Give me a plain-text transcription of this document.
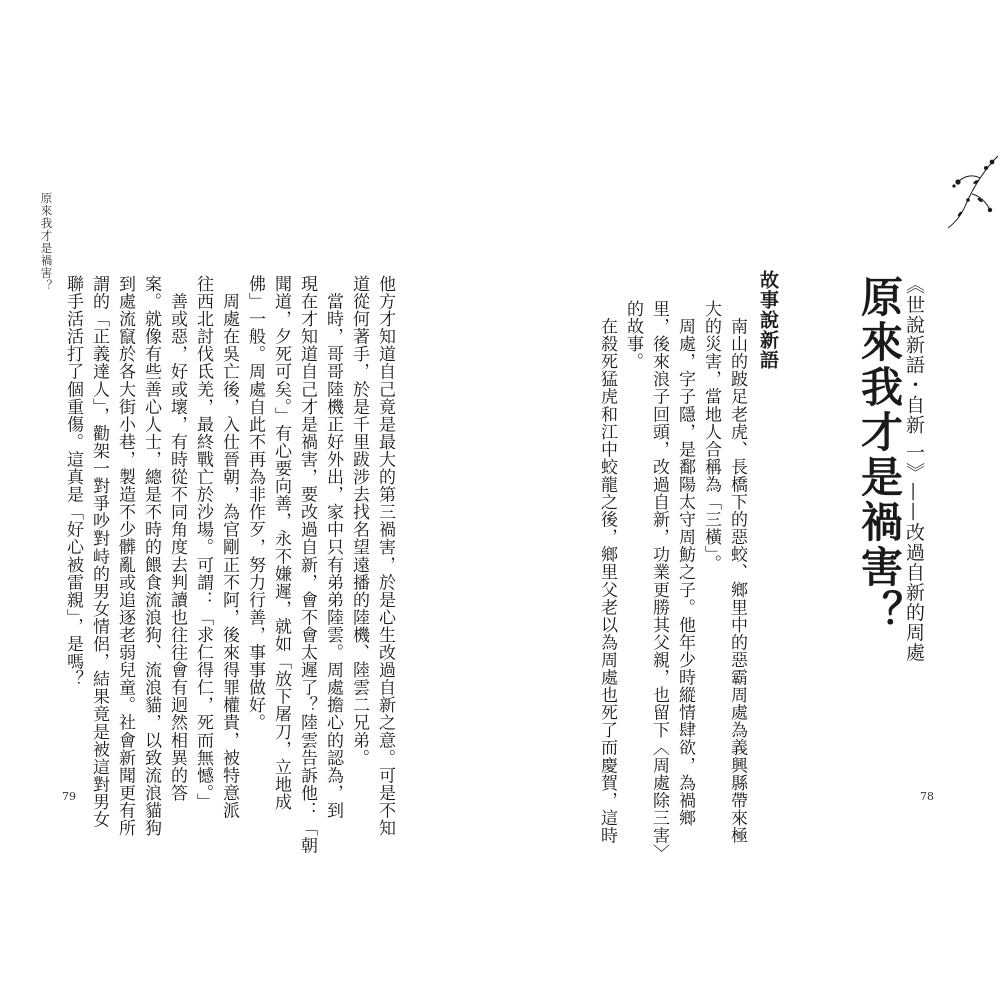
原來我才是禍害？
他方才知道自己竟是最大的第三禍害，於是心生改過自新之意。可是不知
道從何著手，於是千里跋涉去找名望遠播的陸機、陸雲二兄弟。
　當時，哥哥陸機正好外出，家中只有弟弟陸雲。周處擔心的認為，到
現在才知道自己才是禍害，要改過自新，會不會太遲了？陸雲告訴他：「朝
聞道，夕死可矣。」有心要向善，永不嫌遲，就如「放下屠刀，立地成
佛」一般。周處自此不再為非作歹，努力行善，事事做好。
　周處在吳亡後，入仕晉朝，為官剛正不阿，後來得罪權貴，被特意派
往西北討伐氐羌，最終戰亡於沙場。可謂：「求仁得仁，死而無憾。」
　善或惡，好或壞，有時從不同角度去判讀也往往會有迥然相異的答
案。就像有些善心人士，總是不時的餵食流浪狗、流浪貓，以致流浪貓狗
到處流竄於各大街小巷，製造不少髒亂或追逐老弱兒童。社會新聞更有所
謂的「正義達人」，勸架一對爭吵對峙的男女情侶，結果竟是被這對男女
聯手活活打了個重傷。這真是「好心被雷親」，是嗎？
79
《世說新語・自新 一》——改過自新的周處
原來我才是禍害？
　南山的跛足老虎、長橋下的惡蛟、鄉里中的惡霸周處為義興縣帶來極
大的災害，當地人合稱為「三橫」。
　周處，字子隱，是鄱陽太守周魴之子。他年少時縱情肆欲，為禍鄉
里，後來浪子回頭，改過自新，功業更勝其父親，也留下〈周處除三害〉
的故事。
　在殺死猛虎和江中蛟龍之後，鄉里父老以為周處也死了而慶賀，這時	故事說新語
78
